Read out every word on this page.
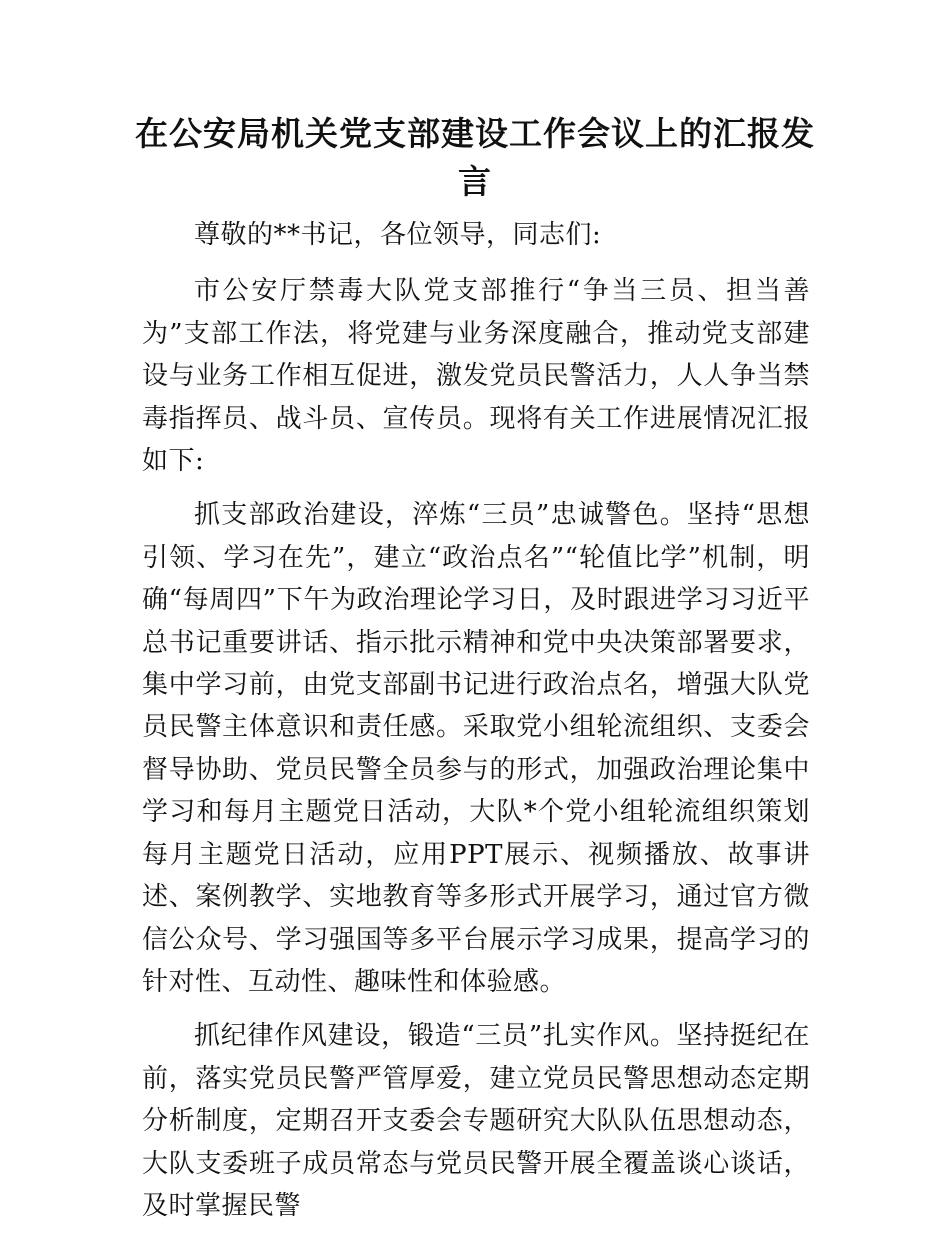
在公安局机关党支部建设工作会议上的汇报发言

尊敬的**书记，各位领导，同志们:

市公安厅禁毒大队党支部推行“争当三员、担当善为”支部工作法，将党建与业务深度融合，推动党支部建设与业务工作相互促进，激发党员民警活力，人人争当禁毒指挥员、战斗员、宣传员。现将有关工作进展情况汇报如下:

抓支部政治建设，淬炼“三员”忠诚警色。坚持“思想引领、学习在先”，建立“政治点名”“轮值比学”机制，明确“每周四”下午为政治理论学习日，及时跟进学习习近平总书记重要讲话、指示批示精神和党中央决策部署要求，集中学习前，由党支部副书记进行政治点名，增强大队党员民警主体意识和责任感。采取党小组轮流组织、支委会督导协助、党员民警全员参与的形式，加强政治理论集中学习和每月主题党日活动，大队*个党小组轮流组织策划每月主题党日活动，应用PPT展示、视频播放、故事讲述、案例教学、实地教育等多形式开展学习，通过官方微信公众号、学习强国等多平台展示学习成果，提高学习的针对性、互动性、趣味性和体验感。

抓纪律作风建设，锻造“三员”扎实作风。坚持挺纪在前，落实党员民警严管厚爱，建立党员民警思想动态定期分析制度，定期召开支委会专题研究大队队伍思想动态，大队支委班子成员常态与党员民警开展全覆盖谈心谈话，及时掌握民警
